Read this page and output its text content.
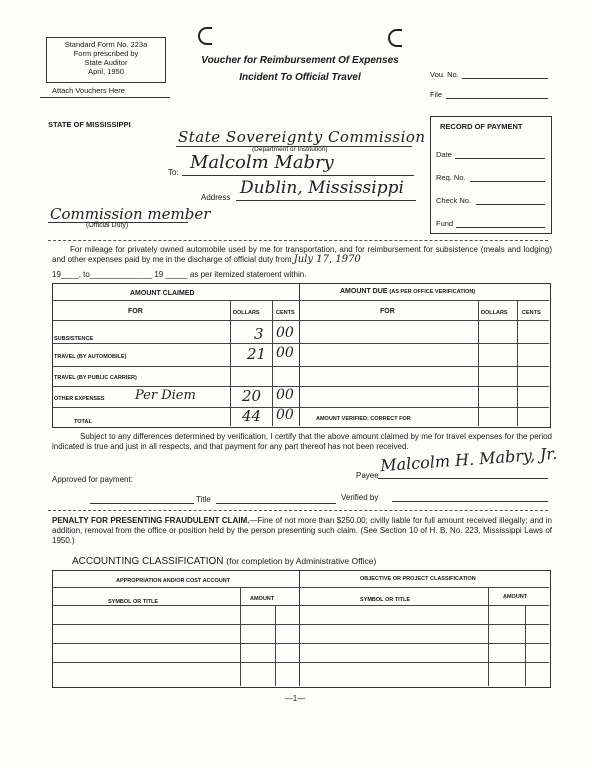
Standard Form No. 223a
Form prescribed by
State Auditor
April, 1950
Attach Vouchers Here
Voucher for Reimbursement Of Expenses
Incident To Official Travel	Vou. No.
File
STATE OF MISSISSIPPI
State Sovereignty Commission
(Department or Institution)
To: Malcolm Mabry
Address Dublin, Mississippi
Commission member
(Official Duty)
RECORD OF PAYMENT
Date
Req. No.
Check No.
Fund
For mileage for privately owned automobile used by me for transportation, and for reimbursement for subsistence (meals and lodging) and other expenses paid by me in the discharge of official duty from July 17, 1970
19____, to______________ 19 _____ as per itemized statement within.
AMOUNT CLAIMED	AMOUNT DUE (AS PER OFFICE VERIFICATION)
FOR	DOLLARS	CENTS	FOR	DOLLARS	CENTS
SUBSISTENCE	3 00
TRAVEL (BY AUTOMOBILE)	21 00
TRAVEL (BY PUBLIC CARRIER)
OTHER EXPENSES Per Diem	20 00
TOTAL	44 00	AMOUNT VERIFIED; CORRECT FOR
Subject to any differences determined by verification, I certify that the above amount claimed by me for travel expenses for the period indicated is true and just in all respects, and that payment for any part thereof has not been received.
Approved for payment:	Payee
Malcolm H. Mabry, Jr.
Title	Verified by
PENALTY FOR PRESENTING FRAUDULENT CLAIM.—Fine of not more than $250.00; civilly liable for full amount received illegally; and in addition, removal from the office or position held by the person presenting such claim. (See Section 10 of H. B. No. 223, Mississippi Laws of 1950.)
ACCOUNTING CLASSIFICATION (for completion by Administrative Office)
APPROPRIATION AND/OR COST ACCOUNT	OBJECTIVE OR PROJECT CLASSIFICATION
SYMBOL OR TITLE	AMOUNT	SYMBOL OR TITLE	AMOUNT
—1—
